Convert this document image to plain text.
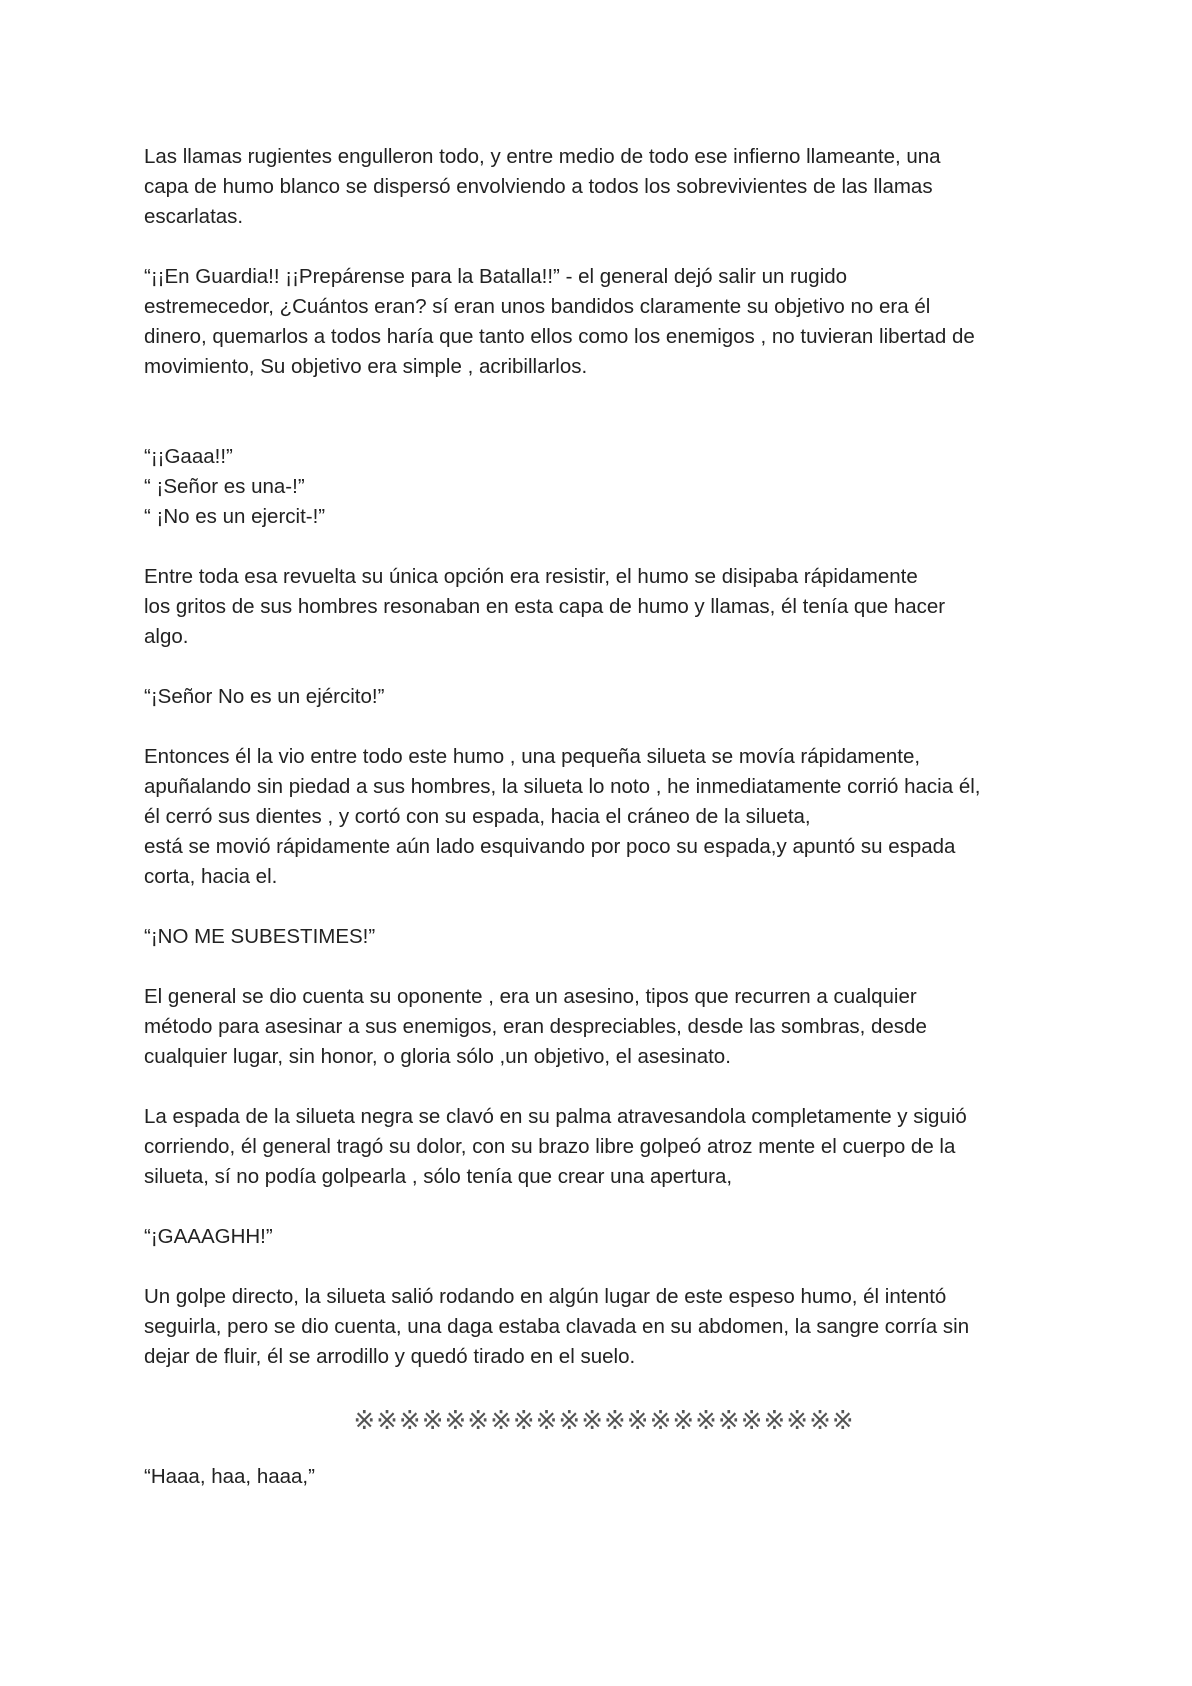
Las llamas rugientes engulleron todo, y entre medio de todo ese infierno llameante, una
capa de humo blanco se dispersó envolviendo a todos los sobrevivientes de las llamas
escarlatas.
“¡¡En Guardia!! ¡¡Prepárense para la Batalla!!” - el general dejó salir un rugido
estremecedor, ¿Cuántos eran? sí eran unos bandidos claramente su objetivo no era él
dinero, quemarlos a todos haría que tanto ellos como los enemigos , no tuvieran libertad de
movimiento, Su objetivo era simple , acribillarlos.
“¡¡Gaaa!!”
“ ¡Señor es una-!”
“ ¡No es un ejercit-!”
Entre toda esa revuelta su única opción era resistir, el humo se disipaba rápidamente
los gritos de sus hombres resonaban en esta capa de humo y llamas, él tenía que hacer
algo.
“¡Señor No es un ejército!”
Entonces él la vio entre todo este humo , una pequeña silueta se movía rápidamente,
apuñalando sin piedad a sus hombres, la silueta lo noto , he inmediatamente corrió hacia él,
él cerró sus dientes , y cortó con su espada, hacia el cráneo de la silueta,
está se movió rápidamente aún lado esquivando por poco su espada,y apuntó su espada
corta, hacia el.
“¡NO ME SUBESTIMES!”
El general se dio cuenta su oponente , era un asesino, tipos que recurren a cualquier
método para asesinar a sus enemigos, eran despreciables, desde las sombras, desde
cualquier lugar, sin honor, o gloria sólo ,un objetivo, el asesinato.
La espada de la silueta negra se clavó en su palma atravesandola completamente y siguió
corriendo, él general tragó su dolor, con su brazo libre golpeó atroz mente el cuerpo de la
silueta, sí no podía golpearla , sólo tenía que crear una apertura,
“¡GAAAGHH!”
Un golpe directo, la silueta salió rodando en algún lugar de este espeso humo, él intentó
seguirla, pero se dio cuenta, una daga estaba clavada en su abdomen, la sangre corría sin
dejar de fluir, él se arrodillo y quedó tirado en el suelo.
※※※※※※※※※※※※※※※※※※※※※※
“Haaa, haa, haaa,”
